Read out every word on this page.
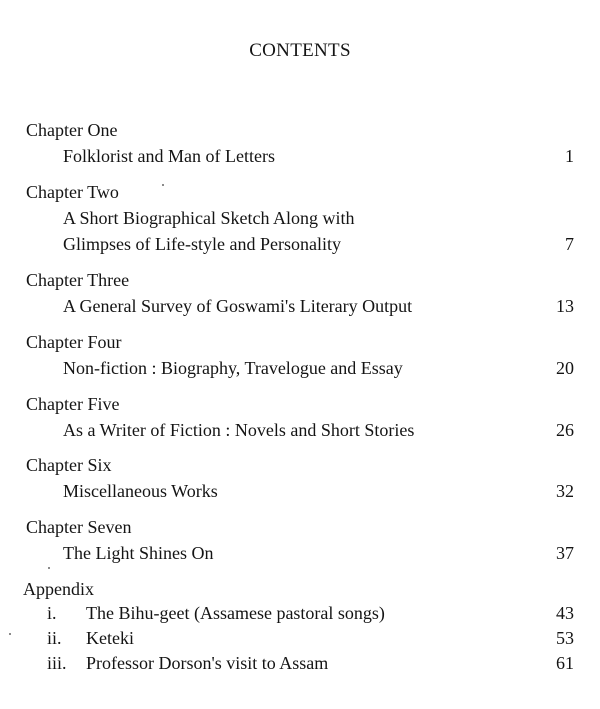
CONTENTS
Chapter One
Folklorist and Man of Letters	1
Chapter Two
A Short Biographical Sketch Along with
Glimpses of Life-style and Personality	7
Chapter Three
A General Survey of Goswami's Literary Output	13
Chapter Four
Non-fiction : Biography, Travelogue and Essay	20
Chapter Five
As a Writer of Fiction : Novels and Short Stories	26
Chapter Six
Miscellaneous Works	32
Chapter Seven
The Light Shines On	37
Appendix
i. The Bihu-geet (Assamese pastoral songs)	43
ii. Keteki	53
iii. Professor Dorson's visit to Assam	61
